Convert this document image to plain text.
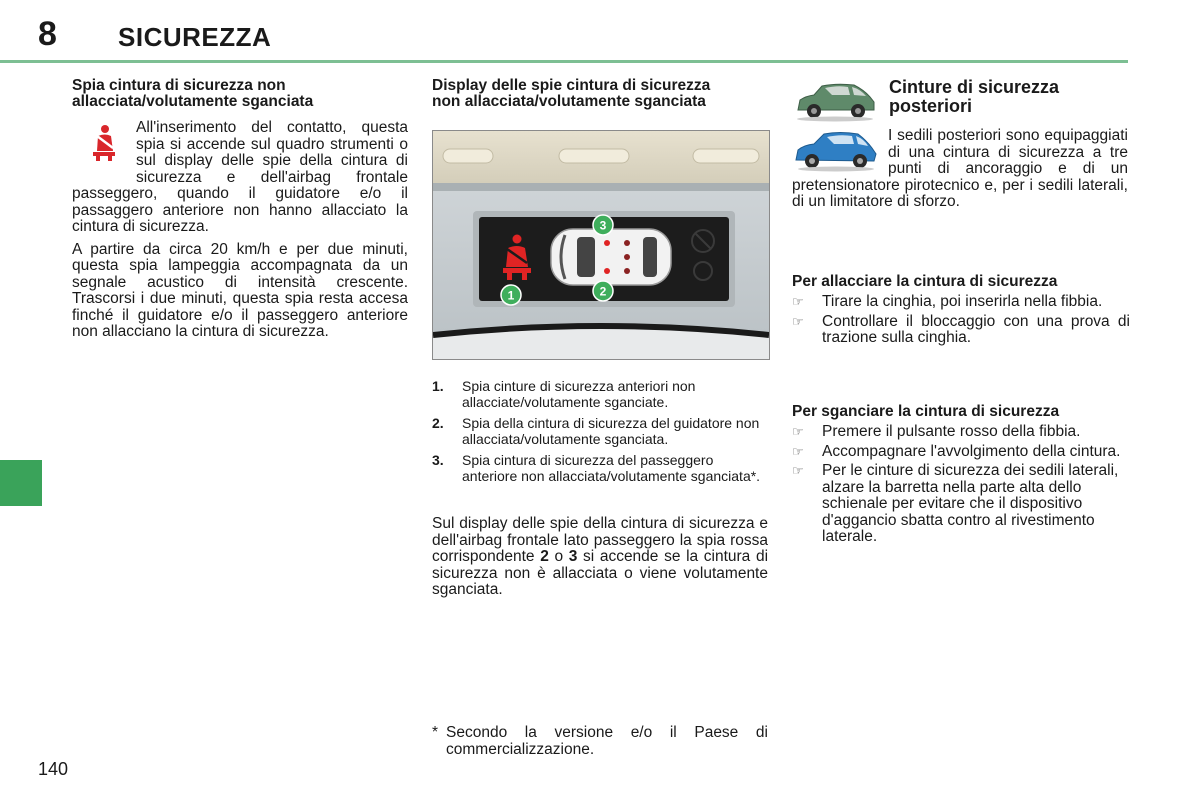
8 SICUREZZA
Spia cintura di sicurezza non
allacciata/volutamente sganciata

All'inserimento del contatto, questa spia si accende sul quadro strumenti o sul display delle spie della cintura di sicurezza e dell'airbag frontale passeggero, quando il guidatore e/o il passaggero anteriore non hanno allacciato la cintura di sicurezza.

A partire da circa 20 km/h e per due minuti, questa spia lampeggia accompagnata da un segnale acustico di intensità crescente. Trascorsi i due minuti, questa spia resta accesa finché il guidatore e/o il passeggero anteriore non allacciano la cintura di sicurezza.

Display delle spie cintura di sicurezza
non allacciata/volutamente sganciata
3
2
1
1. Spia cinture di sicurezza anteriori non allacciate/volutamente sganciate.
2. Spia della cintura di sicurezza del guidatore non allacciata/volutamente sganciata.
3. Spia cintura di sicurezza del passeggero anteriore non allacciata/volutamente sganciata*.
Sul display delle spie della cintura di sicurezza e dell'airbag frontale lato passeggero la spia rossa corrispondente 2 o 3 si accende se la cintura di sicurezza non è allacciata o viene volutamente sganciata.
* Secondo la versione e/o il Paese di commercializzazione.
Cinture di sicurezza
posteriori

I sedili posteriori sono equipaggiati di una cintura di sicurezza a tre punti di ancoraggio e di un pretensionatore pirotecnico e, per i sedili laterali, di un limitatore di sforzo.

Per allacciare la cintura di sicurezza
☞ Tirare la cinghia, poi inserirla nella fibbia.
☞ Controllare il bloccaggio con una prova di trazione sulla cinghia.
Per sganciare la cintura di sicurezza
☞ Premere il pulsante rosso della fibbia.
☞ Accompagnare l'avvolgimento della cintura.
☞ Per le cinture di sicurezza dei sedili laterali, alzare la barretta nella parte alta dello schienale per evitare che il dispositivo d'aggancio sbatta contro al rivestimento laterale.
140
